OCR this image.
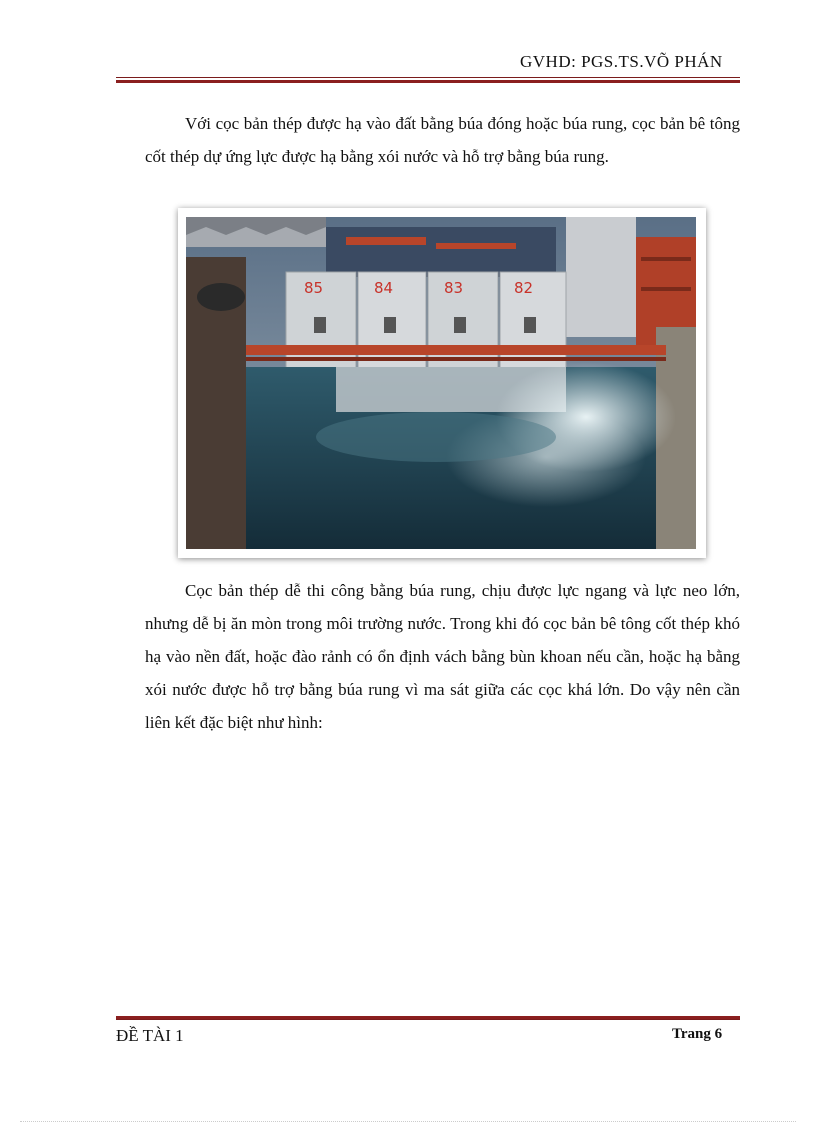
GVHD: PGS.TS.VÕ PHÁN

Với cọc bản thép được hạ vào đất bằng búa đóng hoặc búa rung, cọc bản bê tông cốt thép dự ứng lực được hạ bằng xói nước và hỗ trợ bằng búa rung.

85	84	83	82

Cọc bản thép dễ thi công bằng búa rung, chịu được lực ngang và lực neo lớn, nhưng dễ bị ăn mòn trong môi trường nước. Trong khi đó cọc bản bê tông cốt thép khó hạ vào nền đất, hoặc đào rảnh có ổn định vách bằng bùn khoan nếu cần, hoặc hạ bằng xói nước được hỗ trợ bằng búa rung vì ma sát giữa các cọc khá lớn. Do vậy nên cần liên kết đặc biệt như hình:

ĐỀ TÀI 1	Trang 6
